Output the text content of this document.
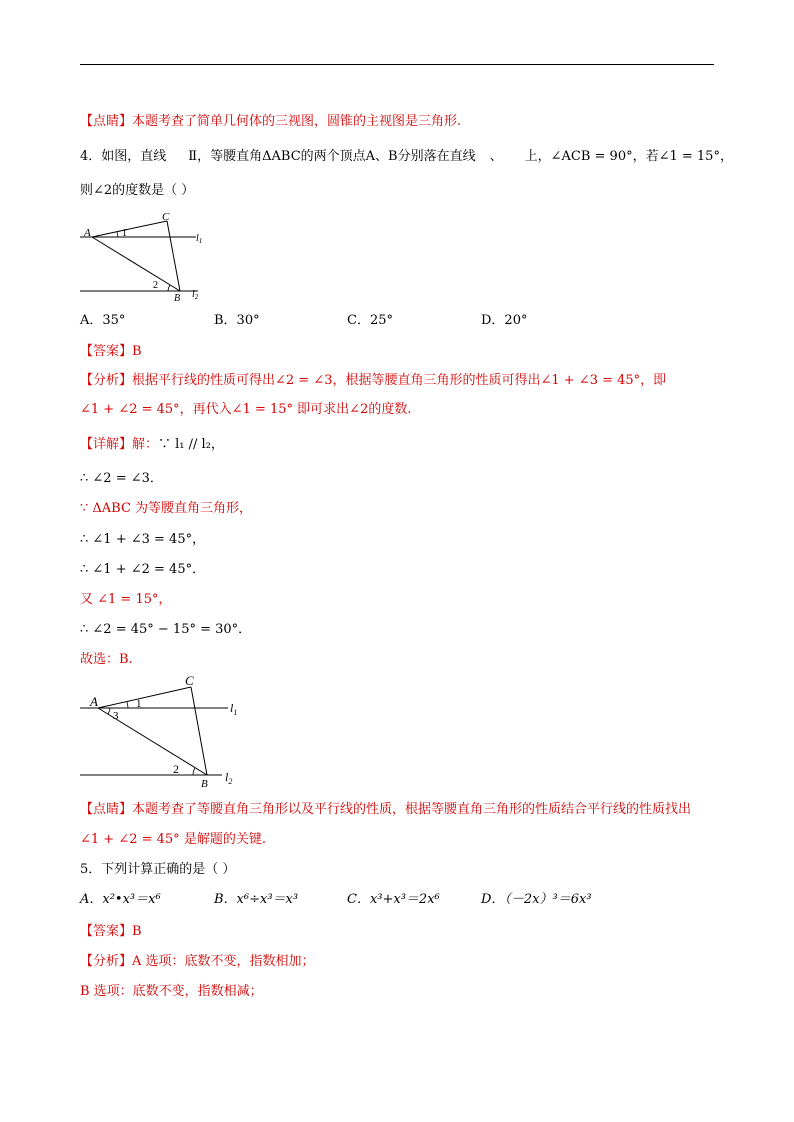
【点睛】本题考查了简单几何体的三视图，圆锥的主视图是三角形.
4．如图，直线 Ⅱ，等腰直角ΔABC的两个顶点A、B分别落在直线 、 上，∠ACB = 90°，若∠1 = 15°，
则∠2的度数是（ ）
C
A
B
1
2
$l_1$
$l_2$
A．35°	B．30°	C．25°	D．20°
【答案】B
【分析】根据平行线的性质可得出∠2 = ∠3，根据等腰直角三角形的性质可得出∠1 + ∠3 = 45°，即
∠1 + ∠2 = 45°，再代入∠1 = 15° 即可求出∠2的度数.
【详解】解：∵ l₁ // l₂，
∴ ∠2 = ∠3．
∵ ΔABC 为等腰直角三角形，
∴ ∠1 + ∠3 = 45°，
∴ ∠1 + ∠2 = 45°．
又 ∠1 = 15°，
∴ ∠2 = 45° − 15° = 30°．
故选：B.
C
A
B
1
3
2
$l_1$
$l_2$
【点睛】本题考查了等腰直角三角形以及平行线的性质，根据等腰直角三角形的性质结合平行线的性质找出
∠1 + ∠2 = 45° 是解题的关键.
5．下列计算正确的是（ ）
A．x²•x³＝x⁶	B．x⁶÷x³＝x³	C．x³+x³＝2x⁶	D．（－2x）³＝6x³
【答案】B
【分析】A 选项：底数不变，指数相加；
B 选项：底数不变，指数相减；
